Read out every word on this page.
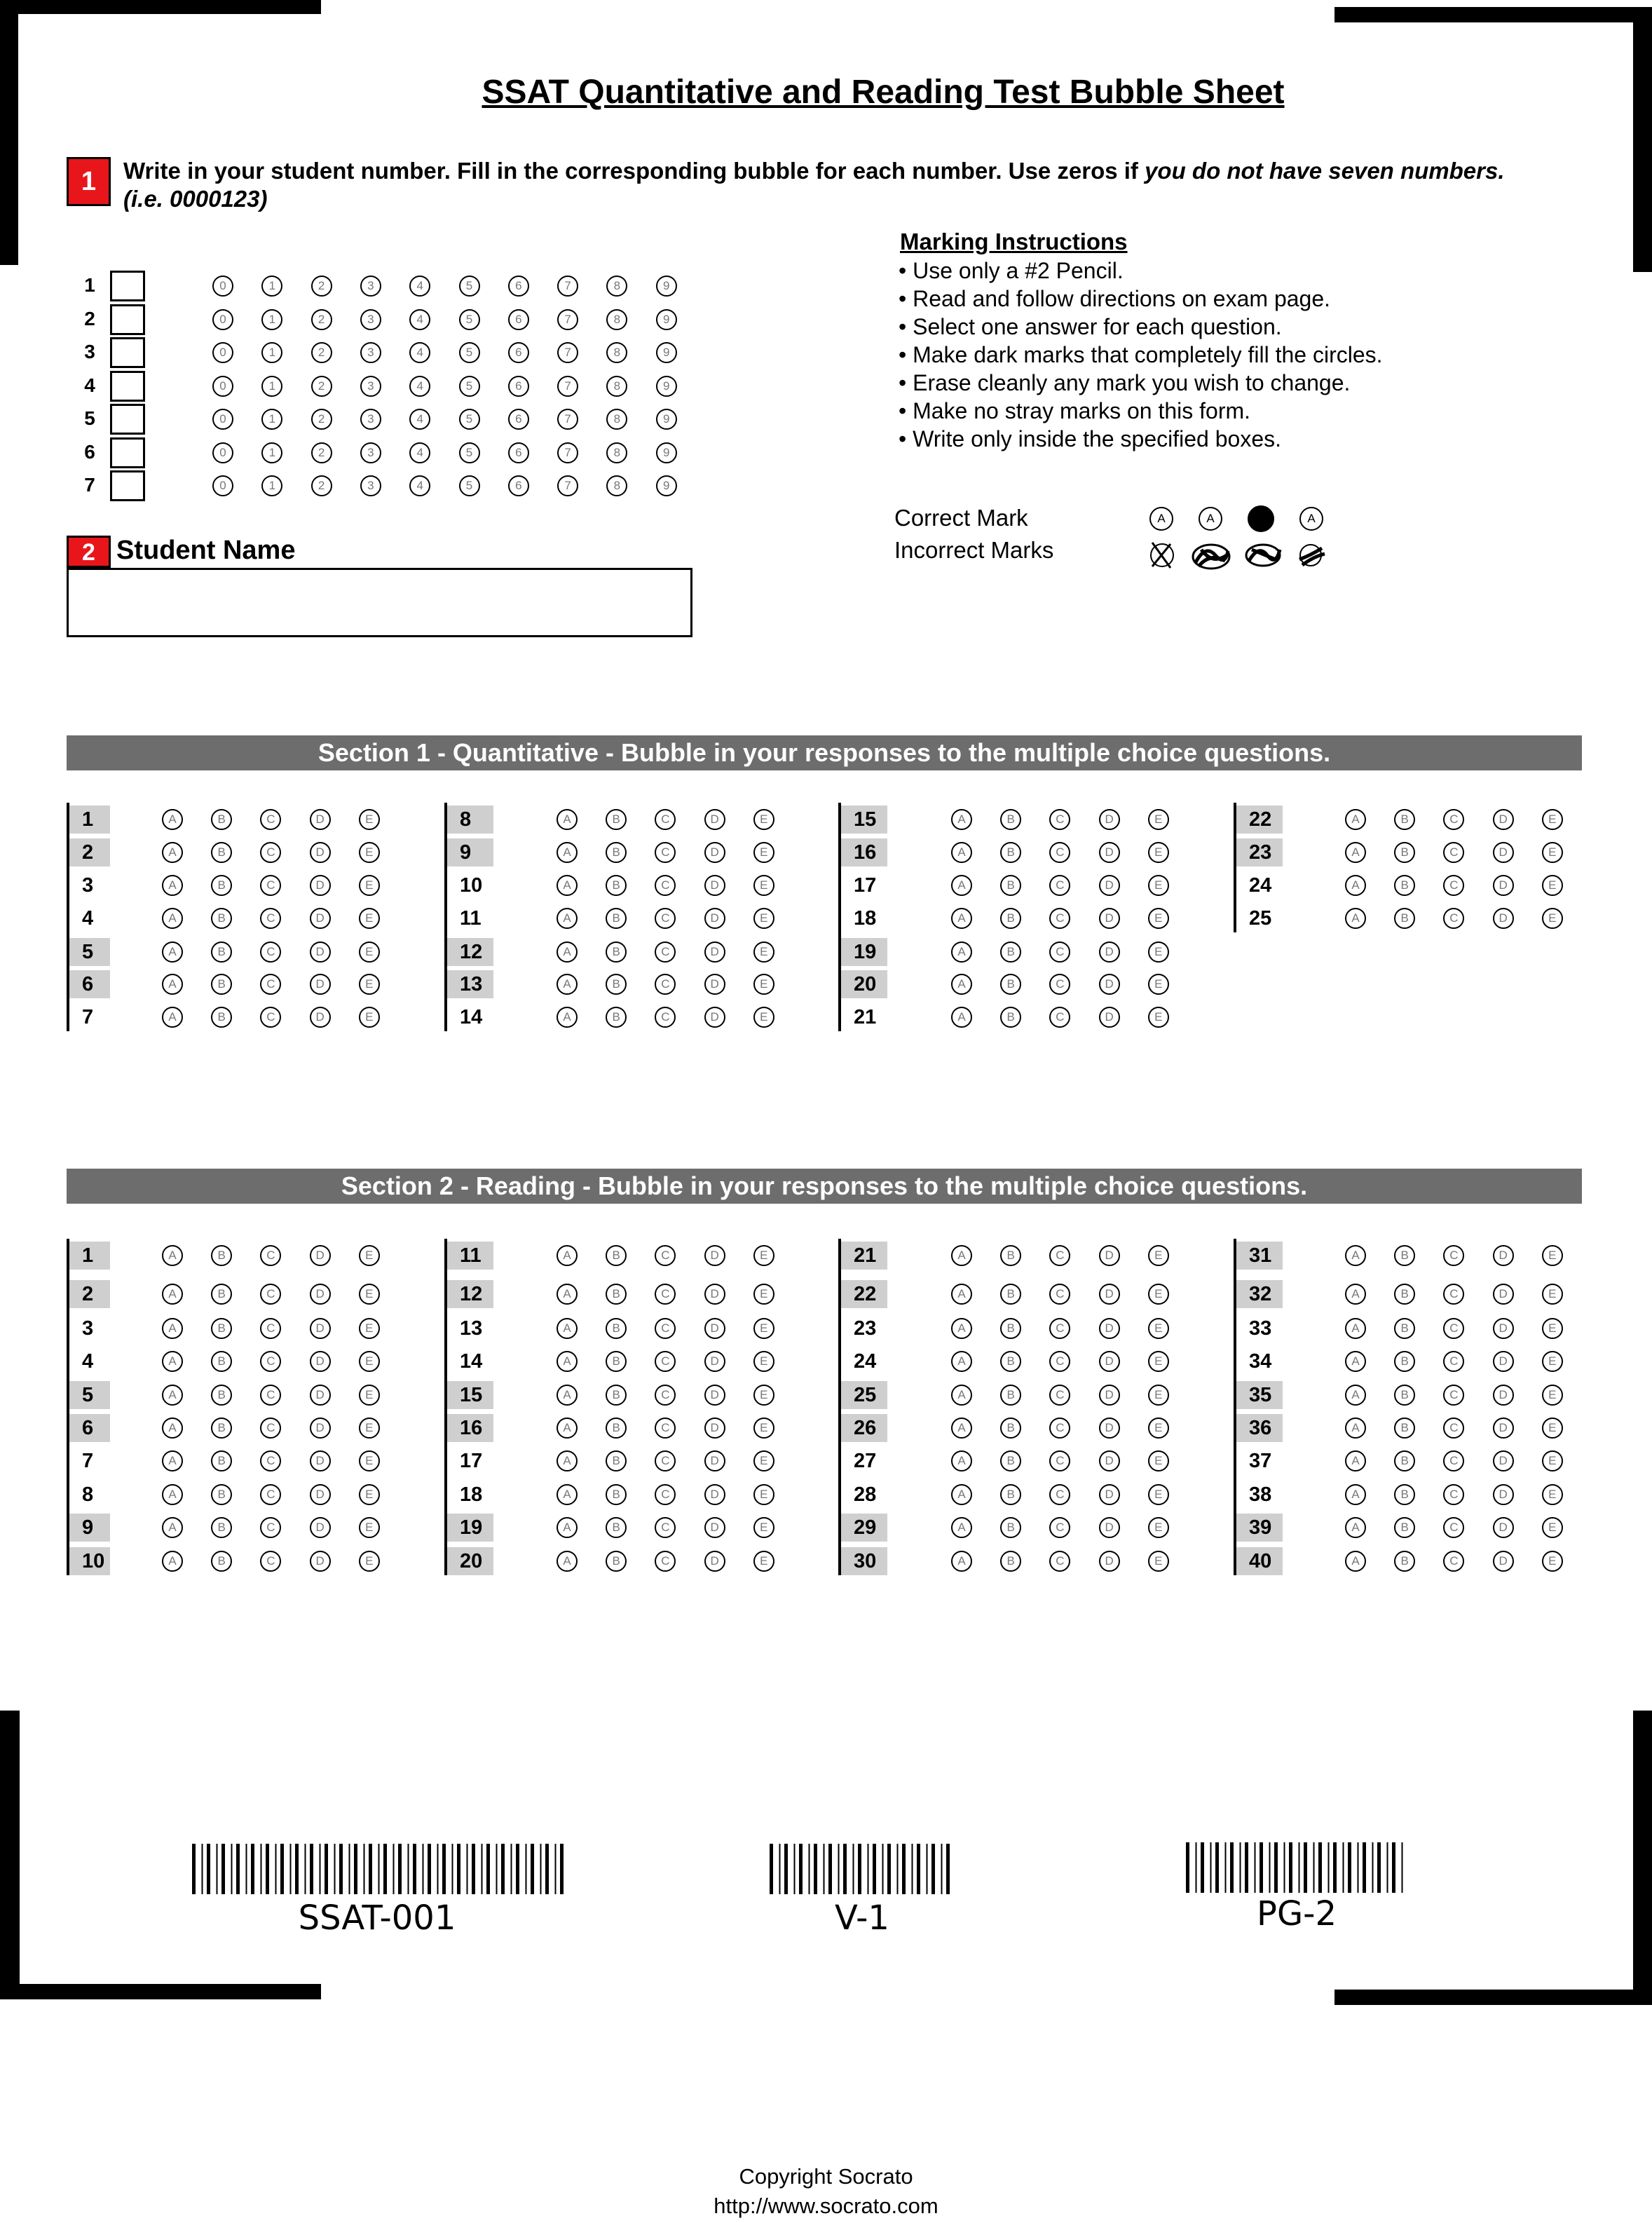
SSAT Quantitative and Reading Test Bubble Sheet
1	Write in your student number. Fill in the corresponding bubble for each number. Use zeros if you do not have seven numbers.
(i.e. 0000123)
Marking Instructions
• Use only a #2 Pencil.
• Read and follow directions on exam page.
• Select one answer for each question.
• Make dark marks that completely fill the circles.
• Erase cleanly any mark you wish to change.
• Make no stray marks on this form.
• Write only inside the specified boxes.
Correct Mark
Incorrect Marks
A	A	A
2 Student Name
Section 1 - Quantitative - Bubble in your responses to the multiple choice questions.
Section 2 - Reading - Bubble in your responses to the multiple choice questions.
SSAT-001	V-1	PG-2
Copyright Socrato
http://www.socrato.com
1	0	1	2	3	4	5	6	7	8	9
2	0	1	2	3	4	5	6	7	8	9
3	0	1	2	3	4	5	6	7	8	9
4	0	1	2	3	4	5	6	7	8	9
5	0	1	2	3	4	5	6	7	8	9
6	0	1	2	3	4	5	6	7	8	9
7	0	1	2	3	4	5	6	7	8	9
1	A	B	C	D	E
2	A	B	C	D	E
3	A	B	C	D	E
4	A	B	C	D	E
5	A	B	C	D	E
6	A	B	C	D	E
7	A	B	C	D	E
8	A	B	C	D	E
9	A	B	C	D	E
10	A	B	C	D	E
11	A	B	C	D	E
12	A	B	C	D	E
13	A	B	C	D	E
14	A	B	C	D	E
15	A	B	C	D	E
16	A	B	C	D	E
17	A	B	C	D	E
18	A	B	C	D	E
19	A	B	C	D	E
20	A	B	C	D	E
21	A	B	C	D	E
22	A	B	C	D	E
23	A	B	C	D	E
24	A	B	C	D	E
25	A	B	C	D	E
1	A	B	C	D	E
2	A	B	C	D	E
3	A	B	C	D	E
4	A	B	C	D	E
5	A	B	C	D	E
6	A	B	C	D	E
7	A	B	C	D	E
8	A	B	C	D	E
9	A	B	C	D	E
10	A	B	C	D	E
11	A	B	C	D	E
12	A	B	C	D	E
13	A	B	C	D	E
14	A	B	C	D	E
15	A	B	C	D	E
16	A	B	C	D	E
17	A	B	C	D	E
18	A	B	C	D	E
19	A	B	C	D	E
20	A	B	C	D	E
21	A	B	C	D	E
22	A	B	C	D	E
23	A	B	C	D	E
24	A	B	C	D	E
25	A	B	C	D	E
26	A	B	C	D	E
27	A	B	C	D	E
28	A	B	C	D	E
29	A	B	C	D	E
30	A	B	C	D	E
31	A	B	C	D	E
32	A	B	C	D	E
33	A	B	C	D	E
34	A	B	C	D	E
35	A	B	C	D	E
36	A	B	C	D	E
37	A	B	C	D	E
38	A	B	C	D	E
39	A	B	C	D	E
40	A	B	C	D	E
